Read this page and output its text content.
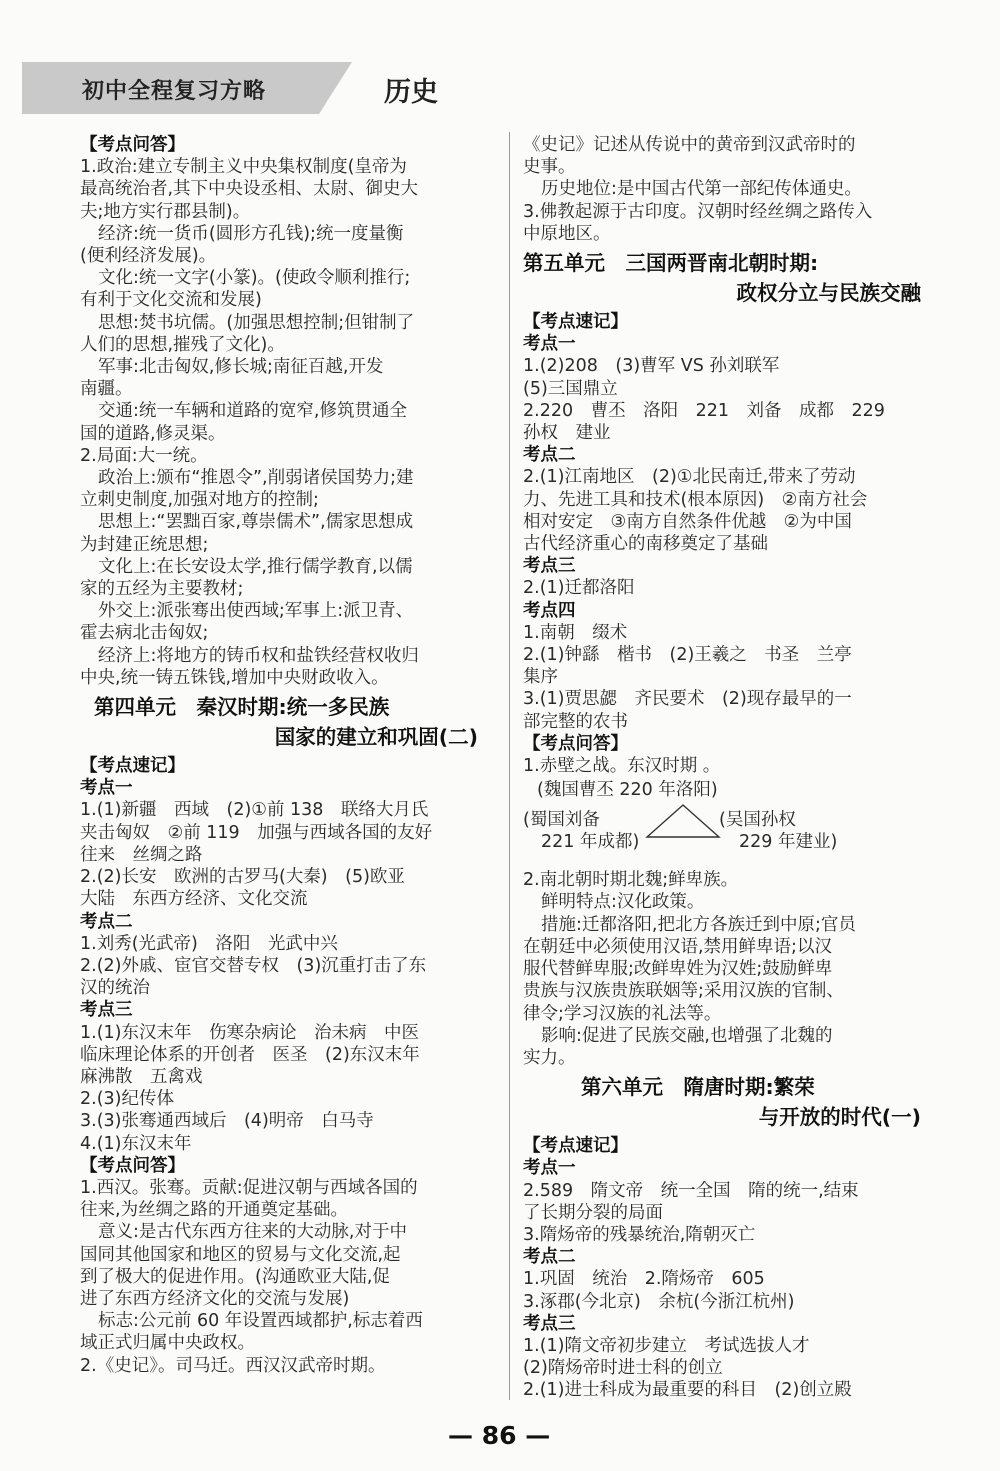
初中全程复习方略	历史
【考点问答】
1.政治:建立专制主义中央集权制度(皇帝为
最高统治者,其下中央设丞相、太尉、御史大
夫;地方实行郡县制)。
经济:统一货币(圆形方孔钱);统一度量衡
(便利经济发展)。
文化:统一文字(小篆)。(使政令顺利推行;
有利于文化交流和发展)
思想:焚书坑儒。(加强思想控制;但钳制了
人们的思想,摧残了文化)。
军事:北击匈奴,修长城;南征百越,开发
南疆。
交通:统一车辆和道路的宽窄,修筑贯通全
国的道路,修灵渠。
2.局面:大一统。
政治上:颁布“推恩令”,削弱诸侯国势力;建
立刺史制度,加强对地方的控制;
思想上:“罢黜百家,尊崇儒术”,儒家思想成
为封建正统思想;
文化上:在长安设太学,推行儒学教育,以儒
家的五经为主要教材;
外交上:派张骞出使西域;军事上:派卫青、
霍去病北击匈奴;
经济上:将地方的铸币权和盐铁经营权收归
中央,统一铸五铢钱,增加中央财政收入。
第四单元　秦汉时期:统一多民族
国家的建立和巩固(二)
【考点速记】
考点一
1.(1)新疆　西域　(2)①前 138　联络大月氏
夹击匈奴　②前 119　加强与西域各国的友好
往来　丝绸之路
2.(2)长安　欧洲的古罗马(大秦)　(5)欧亚
大陆　东西方经济、文化交流
考点二
1.刘秀(光武帝)　洛阳　光武中兴
2.(2)外戚、宦官交替专权　(3)沉重打击了东
汉的统治
考点三
1.(1)东汉末年　伤寒杂病论　治未病　中医
临床理论体系的开创者　医圣　(2)东汉末年
麻沸散　五禽戏
2.(3)纪传体
3.(3)张骞通西域后　(4)明帝　白马寺
4.(1)东汉末年
【考点问答】
1.西汉。张骞。贡献:促进汉朝与西域各国的
往来,为丝绸之路的开通奠定基础。
意义:是古代东西方往来的大动脉,对于中
国同其他国家和地区的贸易与文化交流,起
到了极大的促进作用。(沟通欧亚大陆,促
进了东西方经济文化的交流与发展)
标志:公元前 60 年设置西域都护,标志着西
域正式归属中央政权。
2.《史记》。司马迁。西汉汉武帝时期。
《史记》记述从传说中的黄帝到汉武帝时的
史事。
历史地位:是中国古代第一部纪传体通史。
3.佛教起源于古印度。汉朝时经丝绸之路传入
中原地区。
第五单元　三国两晋南北朝时期:
政权分立与民族交融
【考点速记】
考点一
1.(2)208　(3)曹军 VS 孙刘联军
(5)三国鼎立
2.220　曹丕　洛阳　221　刘备　成都　229
孙权　建业
考点二
2.(1)江南地区　(2)①北民南迁,带来了劳动
力、先进工具和技术(根本原因)　②南方社会
相对安定　③南方自然条件优越　②为中国
古代经济重心的南移奠定了基础
考点三
2.(1)迁都洛阳
考点四
1.南朝　缀术
2.(1)钟繇　楷书　(2)王羲之　书圣　兰亭
集序
3.(1)贾思勰　齐民要术　(2)现存最早的一
部完整的农书
【考点问答】
1.赤壁之战。东汉时期 。
(魏国曹丕 220 年洛阳)
(蜀国刘备
221 年成都)
(吴国孙权
229 年建业)
2.南北朝时期北魏;鲜卑族。
鲜明特点:汉化政策。
措施:迁都洛阳,把北方各族迁到中原;官员
在朝廷中必须使用汉语,禁用鲜卑语;以汉
服代替鲜卑服;改鲜卑姓为汉姓;鼓励鲜卑
贵族与汉族贵族联姻等;采用汉族的官制、
律令;学习汉族的礼法等。
影响:促进了民族交融,也增强了北魏的
实力。
第六单元　隋唐时期:繁荣
与开放的时代(一)
【考点速记】
考点一
2.589　隋文帝　统一全国　隋的统一,结束
了长期分裂的局面
3.隋炀帝的残暴统治,隋朝灭亡
考点二
1.巩固　统治　2.隋炀帝　605
3.涿郡(今北京)　余杭(今浙江杭州)
考点三
1.(1)隋文帝初步建立　考试选拔人才
(2)隋炀帝时进士科的创立
2.(1)进士科成为最重要的科目　(2)创立殿
— 86 —
